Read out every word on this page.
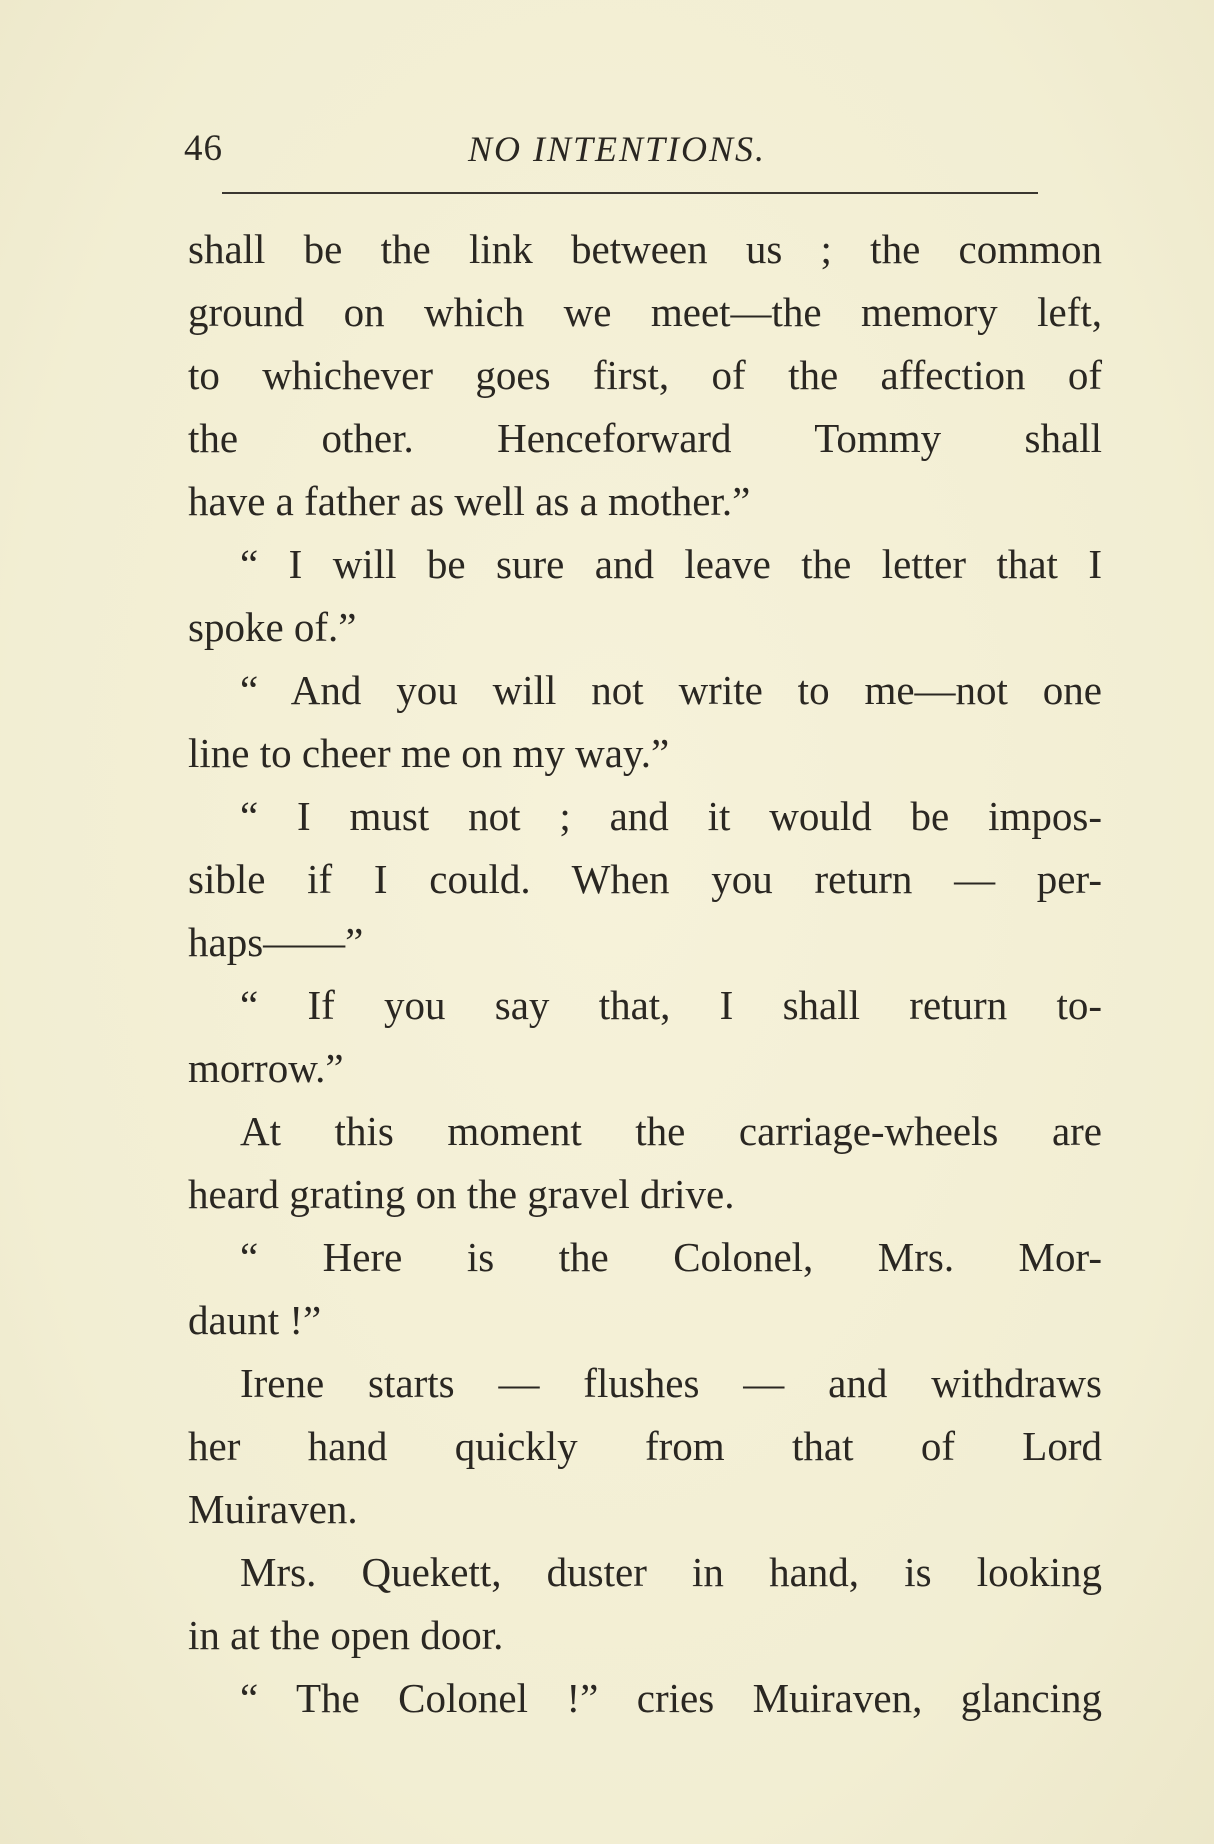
46	NO INTENTIONS.
shall be the link between us ; the common
ground on which we meet—the memory left,
to whichever goes first, of the affection of
the other. Henceforward Tommy shall
have a father as well as a mother.”
“ I will be sure and leave the letter that I
spoke of.”
“ And you will not write to me—not one
line to cheer me on my way.”
“ I must not ; and it would be impos-
sible if I could. When you return — per-
haps——”
“ If you say that, I shall return to-
morrow.”
At this moment the carriage-wheels are
heard grating on the gravel drive.
“ Here is the Colonel, Mrs. Mor-
daunt !”
Irene starts — flushes — and withdraws
her hand quickly from that of Lord
Muiraven.
Mrs. Quekett, duster in hand, is looking
in at the open door.
“ The Colonel !” cries Muiraven, glancing
